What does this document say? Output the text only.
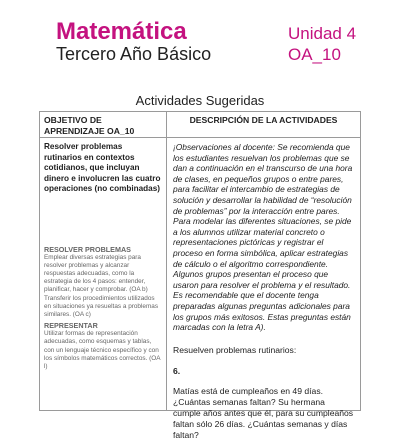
Matemática
Tercero Año Básico
Unidad 4
OA_10
Actividades Sugeridas
OBJETIVO DE APRENDIZAJE OA_10
Resolver problemas rutinarios en contextos cotidianos, que incluyan dinero e involucren las cuatro operaciones (no combinadas)
RESOLVER PROBLEMAS
Emplear diversas estrategias para resolver problemas y alcanzar respuestas adecuadas, como la estrategia de los 4 pasos: entender, planificar, hacer y comprobar. (OA b) Transferir los procedimientos utilizados en situaciones ya resueltas a problemas similares. (OA c)
REPRESENTAR
Utilizar formas de representación adecuadas, como esquemas y tablas, con un lenguaje técnico específico y con los símbolos matemáticos correctos. (OA l)
DESCRIPCIÓN DE LA ACTIVIDADES
¡Observaciones al docente: Se recomienda que los estudiantes resuelvan los problemas que se dan a continuación en el transcurso de una hora de clases, en pequeños grupos o entre pares, para facilitar el intercambio de estrategias de solución y desarrollar la habilidad de “resolución de problemas” por la interacción entre pares. Para modelar las diferentes situaciones, se pide a los alumnos utilizar material concreto o representaciones pictóricas y registrar el proceso en forma simbólica, aplicar estrategias de cálculo o el algoritmo correspondiente. Algunos grupos presentan el proceso que usaron para resolver el problema y el resultado. Es recomendable que el docente tenga preparadas algunas preguntas adicionales para los grupos más exitosos. Estas preguntas están marcadas con la letra A).
Resuelven problemas rutinarios:
6.
Matías está de cumpleaños en 49 días. ¿Cuántas semanas faltan? Su hermana cumple años antes que él, para su cumpleaños faltan sólo 26 días. ¿Cuántas semanas y días faltan?
